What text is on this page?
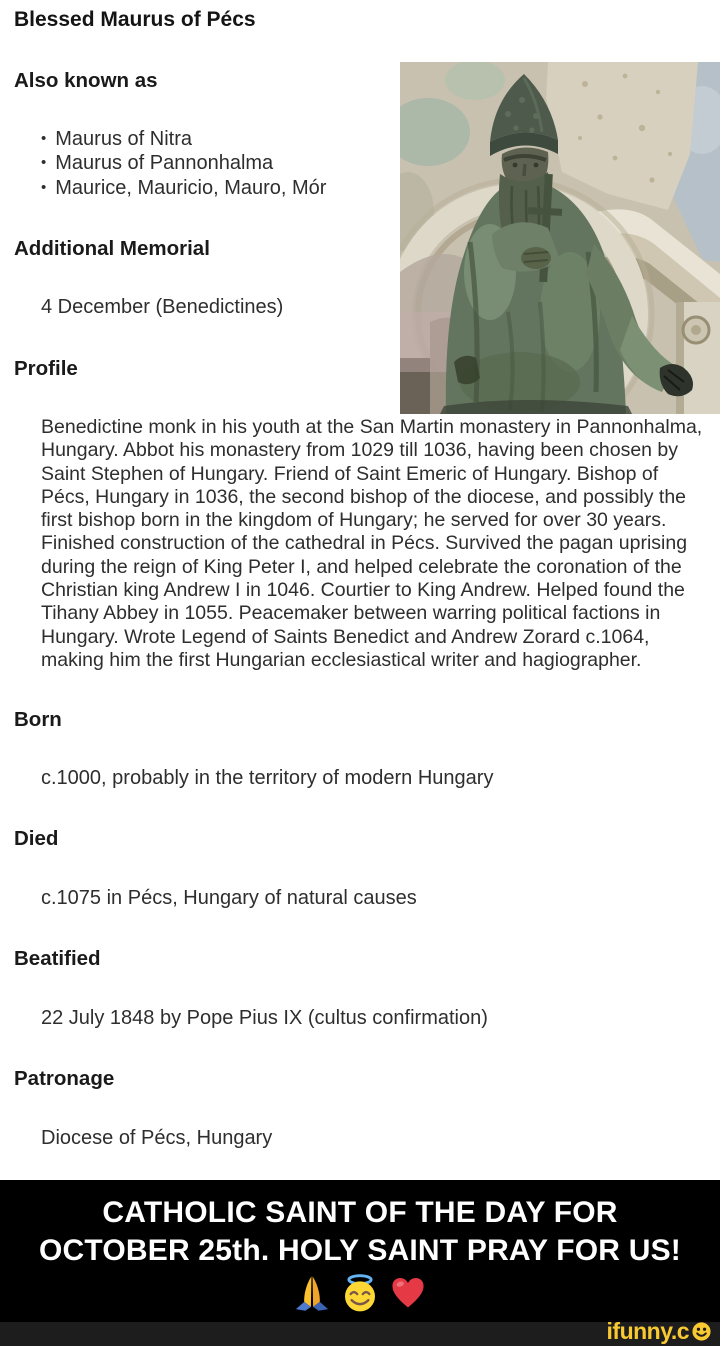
Blessed Maurus of Pécs
Also known as
• Maurus of Nitra
• Maurus of Pannonhalma
• Maurice, Mauricio, Mauro, Mór
Additional Memorial
4 December (Benedictines)
Profile
Benedictine monk in his youth at the San Martin monastery in Pannonhalma, Hungary. Abbot his monastery from 1029 till 1036, having been chosen by Saint Stephen of Hungary. Friend of Saint Emeric of Hungary. Bishop of Pécs, Hungary in 1036, the second bishop of the diocese, and possibly the first bishop born in the kingdom of Hungary; he served for over 30 years. Finished construction of the cathedral in Pécs. Survived the pagan uprising during the reign of King Peter I, and helped celebrate the coronation of the Christian king Andrew I in 1046. Courtier to King Andrew. Helped found the Tihany Abbey in 1055. Peacemaker between warring political factions in Hungary. Wrote Legend of Saints Benedict and Andrew Zorard c.1064, making him the first Hungarian ecclesiastical writer and hagiographer.
Born
c.1000, probably in the territory of modern Hungary
Died
c.1075 in Pécs, Hungary of natural causes
Beatified
22 July 1848 by Pope Pius IX (cultus confirmation)
Patronage
Diocese of Pécs, Hungary
CATHOLIC SAINT OF THE DAY FOR
OCTOBER 25th. HOLY SAINT PRAY FOR US!
ifunny.c
